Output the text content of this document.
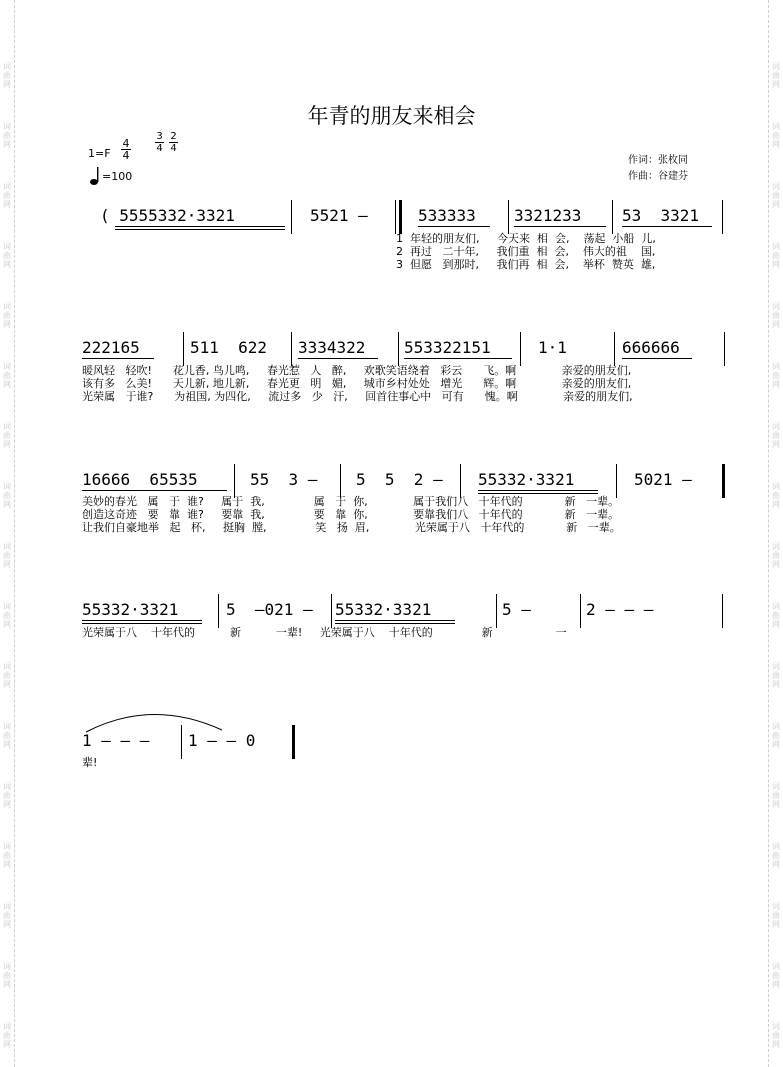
词
曲
网
词
曲
网
词
曲
网
词
曲
网
词
曲
网
词
曲
网
词
曲
网
词
曲
网
词
曲
网
词
曲
网
词
曲
网
词
曲
网
词
曲
网
词
曲
网
词
曲
网
词
曲
网
词
曲
网
词
曲
网
词
曲
网
词
曲
网
词
曲
网
词
曲
网
词
曲
网
词
曲
网
词
曲
网
词
曲
网
词
曲
网
词
曲
网
词
曲
网
词
曲
网
词
曲
网
词
曲
网
词
曲
网
词
曲
网
年青的朋友来相会
$1=F \frac{4}{4} \frac{3}{4} \frac{2}{4}$
=100
作词：张枚同
作曲：谷建芬
( 5555332·3321	5521 –	533333 3321233	53  3321
1  年轻的朋友们,     今天来  相  会,    荡起  小船  儿,
2  再过   二十年,     我们重  相  会,    伟大的祖    国,
3  但愿   到那时,     我们再  相  会,    举杯  赞英  雄,
222165	511  622 3334322 553322151	1·1	666666
暖风轻   轻吹!      花儿香, 鸟儿鸣,     春光惹   人   醉,     欢歌笑语绕着   彩云      飞。啊             亲爱的朋友们,
该有多   么美!      天儿新, 地儿新,     春光更   明   媚,     城市乡村处处   增光      辉。啊             亲爱的朋友们,
光荣属   于谁?      为祖国, 为四化,     流过多   少   汗,     回首往事心中   可有      愧。啊             亲爱的朋友们,
16666  65535	55  3 – 5  5  2 – 55332·3321	5021 –
美妙的春光   属   于  谁?     属于  我,              属   于  你,             属于我们八   十年代的            新   一辈。
创造这奇迹   要   靠  谁?     要靠  我,              要   靠  你,             要靠我们八   十年代的            新   一辈。
让我们自豪地举   起   杯,     挺胸  膛,              笑   扬  眉,             光荣属于八   十年代的            新   一辈。
55332·3321	5  –021 – 55332·3321	5 –	2 – – –
光荣属于八    十年代的          新          一辈!     光荣属于八    十年代的              新                  一
1 – – – 1 – – 0
辈!
